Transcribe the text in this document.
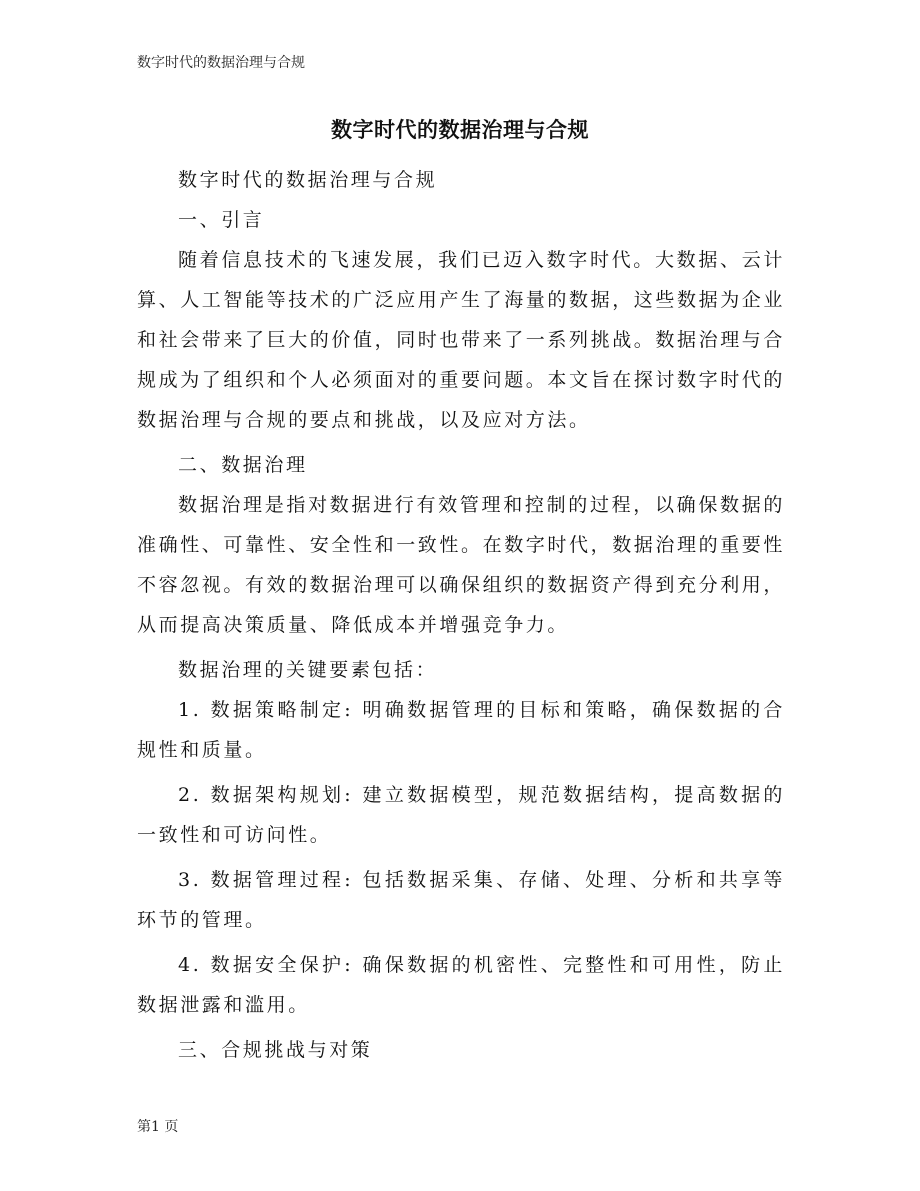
数字时代的数据治理与合规
数字时代的数据治理与合规

数字时代的数据治理与合规

一、引言

随着信息技术的飞速发展，我们已迈入数字时代。大数据、云计算、人工智能等技术的广泛应用产生了海量的数据，这些数据为企业和社会带来了巨大的价值，同时也带来了一系列挑战。数据治理与合规成为了组织和个人必须面对的重要问题。本文旨在探讨数字时代的数据治理与合规的要点和挑战，以及应对方法。

二、数据治理

数据治理是指对数据进行有效管理和控制的过程，以确保数据的准确性、可靠性、安全性和一致性。在数字时代，数据治理的重要性不容忽视。有效的数据治理可以确保组织的数据资产得到充分利用，从而提高决策质量、降低成本并增强竞争力。

数据治理的关键要素包括：

1. 数据策略制定: 明确数据管理的目标和策略，确保数据的合规性和质量。

2. 数据架构规划: 建立数据模型，规范数据结构，提高数据的一致性和可访问性。

3. 数据管理过程: 包括数据采集、存储、处理、分析和共享等环节的管理。

4. 数据安全保护: 确保数据的机密性、完整性和可用性，防止数据泄露和滥用。

三、合规挑战与对策

第1 页
